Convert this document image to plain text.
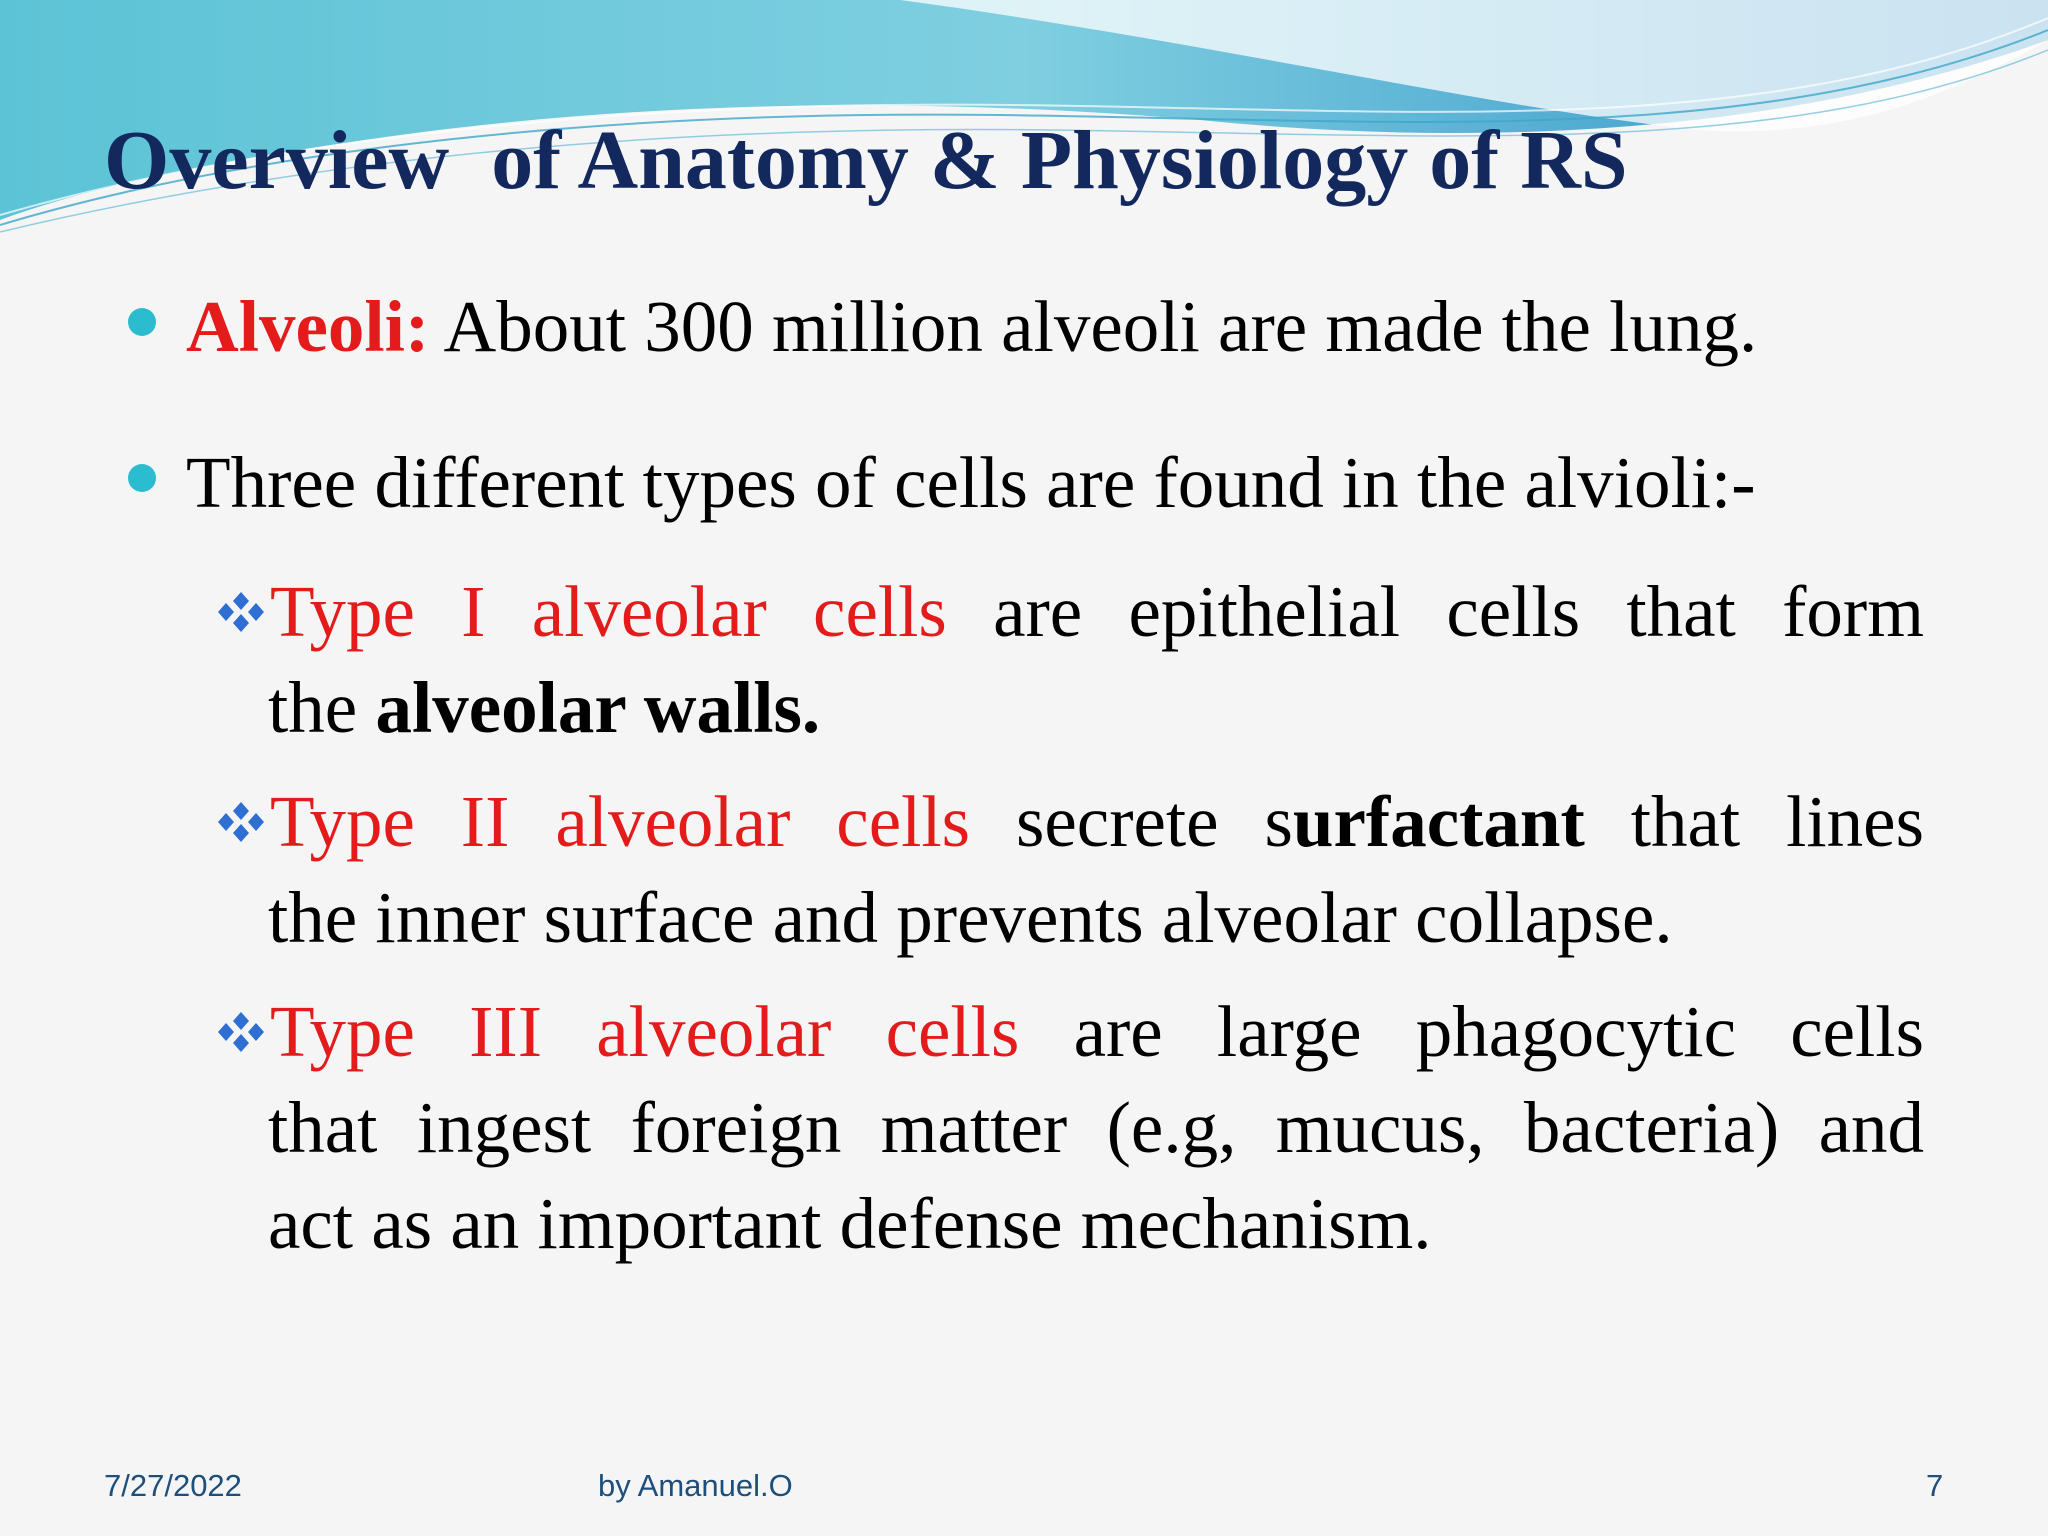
Overview  of Anatomy & Physiology of RS
Alveoli: About 300 million alveoli are made the lung.
Three different types of cells are found in the alvioli:-
Type I alveolar cells are epithelial cells that form
the alveolar walls.
Type II alveolar cells secrete surfactant that lines
the inner surface and prevents alveolar collapse.
Type III alveolar cells are large phagocytic cells
that ingest foreign matter (e.g, mucus, bacteria) and
act as an important defense mechanism.
7/27/2022	by Amanuel.O	7
